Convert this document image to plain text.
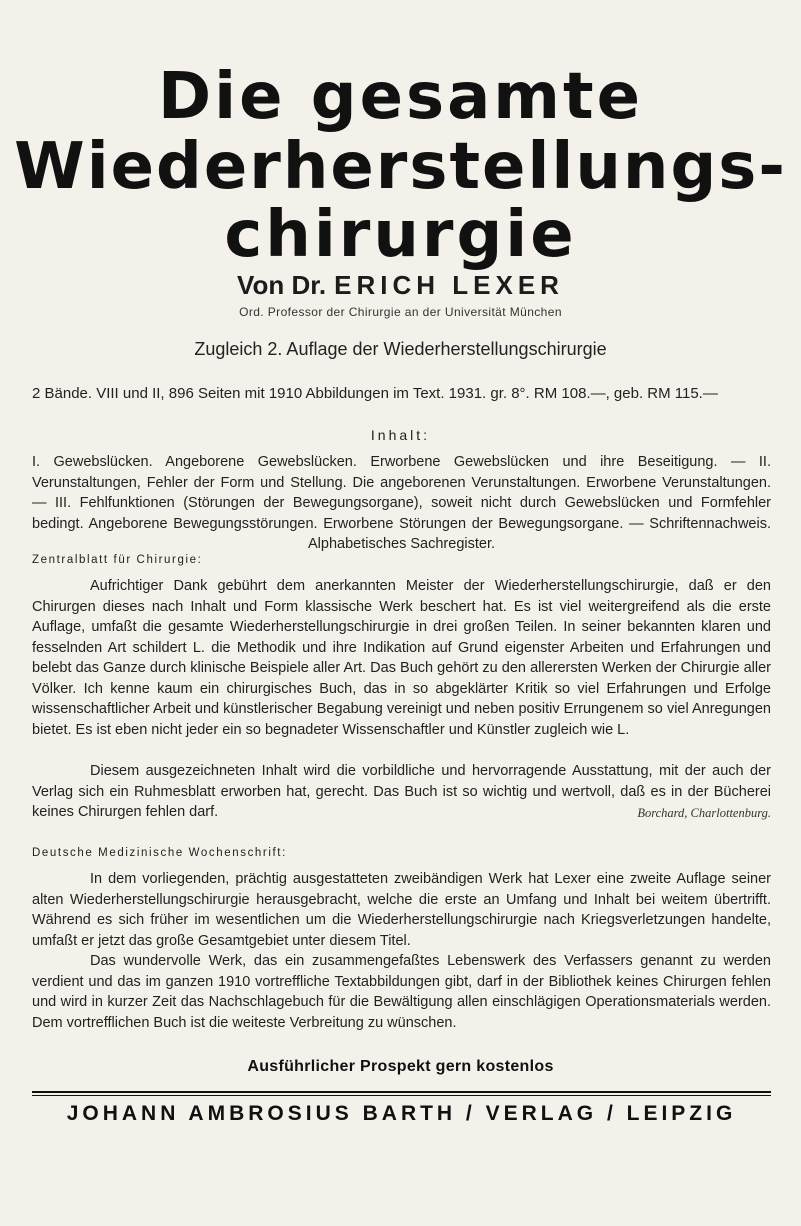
Die gesamte
Wiederherstellungs-
chirurgie
Von Dr. ERICH LEXER
Ord. Professor der Chirurgie an der Universität München
Zugleich 2. Auflage der Wiederherstellungschirurgie
2 Bände. VIII und II, 896 Seiten mit 1910 Abbildungen im Text. 1931. gr. 8°. RM 108.—, geb. RM 115.—
Inhalt:
I. Gewebslücken. Angeborene Gewebslücken. Erworbene Gewebslücken und ihre Beseitigung. — II. Verunstaltungen, Fehler der Form und Stellung. Die angeborenen Verunstaltungen. Erworbene Verunstaltungen. — III. Fehlfunktionen (Störungen der Bewegungsorgane), soweit nicht durch Gewebslücken und Formfehler bedingt. Angeborene Bewegungsstörungen. Erworbene Störungen der Bewegungsorgane. — Schriftennachweis. Alphabetisches Sachregister.
Zentralblatt für Chirurgie:

Aufrichtiger Dank gebührt dem anerkannten Meister der Wiederherstellungschirurgie, daß er den Chirurgen dieses nach Inhalt und Form klassische Werk beschert hat. Es ist viel weitergreifend als die erste Auflage, umfaßt die gesamte Wiederherstellungschirurgie in drei großen Teilen. In seiner bekannten klaren und fesselnden Art schildert L. die Methodik und ihre Indikation auf Grund eigenster Arbeiten und Erfahrungen und belebt das Ganze durch klinische Beispiele aller Art. Das Buch gehört zu den allerersten Werken der Chirurgie aller Völker. Ich kenne kaum ein chirurgisches Buch, das in so abgeklärter Kritik so viel Erfahrungen und Erfolge wissenschaftlicher Arbeit und künstlerischer Begabung vereinigt und neben positiv Errungenem so viel Anregungen bietet. Es ist eben nicht jeder ein so begnadeter Wissenschaftler und Künstler zugleich wie L.

Diesem ausgezeichneten Inhalt wird die vorbildliche und hervorragende Ausstattung, mit der auch der Verlag sich ein Ruhmesblatt erworben hat, gerecht. Das Buch ist so wichtig und wertvoll, daß es in der Bücherei keines Chirurgen fehlen darf.	Borchard, Charlottenburg.

Deutsche Medizinische Wochenschrift:

In dem vorliegenden, prächtig ausgestatteten zweibändigen Werk hat Lexer eine zweite Auflage seiner alten Wiederherstellungschirurgie herausgebracht, welche die erste an Umfang und Inhalt bei weitem übertrifft. Während es sich früher im wesentlichen um die Wiederherstellungschirurgie nach Kriegsverletzungen handelte, umfaßt er jetzt das große Gesamtgebiet unter diesem Titel.

Das wundervolle Werk, das ein zusammengefaßtes Lebenswerk des Verfassers genannt zu werden verdient und das im ganzen 1910 vortreffliche Textabbildungen gibt, darf in der Bibliothek keines Chirurgen fehlen und wird in kurzer Zeit das Nachschlagebuch für die Bewältigung allen einschlägigen Operationsmaterials werden. Dem vortrefflichen Buch ist die weiteste Verbreitung zu wünschen.

Ausführlicher Prospekt gern kostenlos
JOHANN AMBROSIUS BARTH / VERLAG / LEIPZIG
